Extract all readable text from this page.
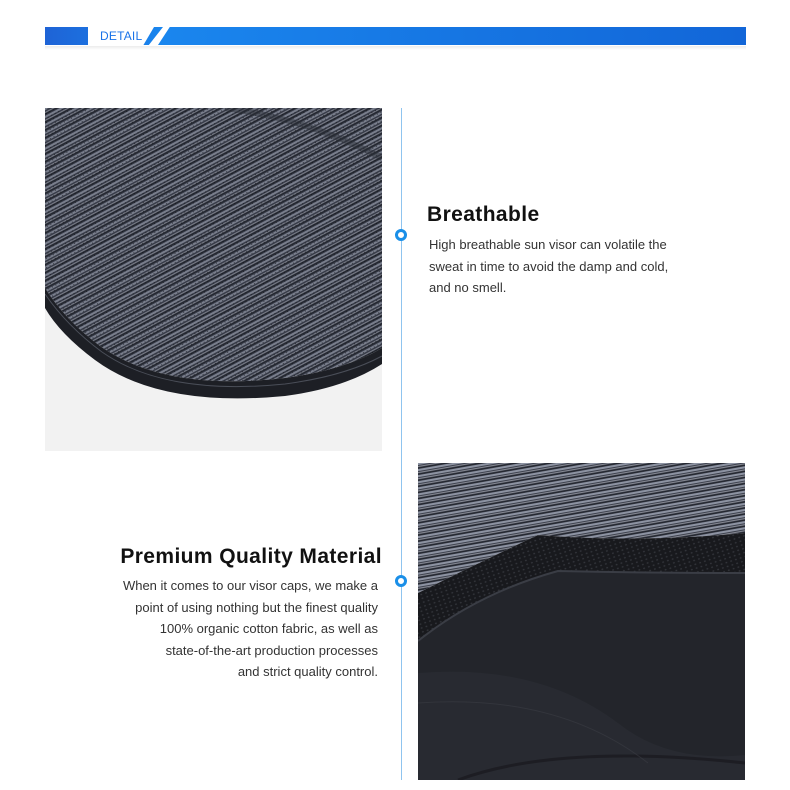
DETAIL
Breathable
High breathable sun visor can volatile the
sweat in time to avoid the damp and cold,
and no smell.
Premium Quality Material
When it comes to our visor caps, we make a
point of using nothing but the finest quality
100% organic cotton fabric, as well as
state-of-the-art production processes
and strict quality control.
